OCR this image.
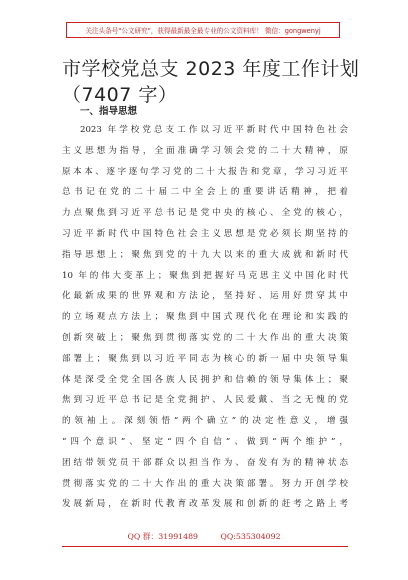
关注头条号"公文研究"，获得最新最全最专业的公文资料库！ 微信：gongwenyj
市学校党总支 2023 年度工作计划
（7407 字）
一、指导思想
2023 年学校党总支工作以习近平新时代中国特色社会
主义思想为指导，全面准确学习领会党的二十大精神，原
原本本、逐字逐句学习党的二十大报告和党章，学习习近平
总书记在党的二十届二中全会上的重要讲话精神，把着
力点聚焦到习近平总书记是党中央的核心、全党的核心，
习近平新时代中国特色社会主义思想是党必须长期坚持的
指导思想上；聚焦到党的十九大以来的重大成就和新时代
10 年的伟大变革上；聚焦到把握好马克思主义中国化时代
化最新成果的世界观和方法论，坚持好、运用好贯穿其中
的立场观点方法上；聚焦到中国式现代化在理论和实践的
创新突破上；聚焦到贯彻落实党的二十大作出的重大决策
部署上；聚焦到以习近平同志为核心的新一届中央领导集
体是深受全党全国各族人民拥护和信赖的领导集体上；聚
焦到习近平总书记是全党拥护、人民爱戴、当之无愧的党
的领袖上。深刻领悟“两个确立”的决定性意义，增强
“四个意识”、坚定“四个自信”、做到“两个维护”，
团结带领党员干部群众以担当作为、奋发有为的精神状态
贯彻落实党的二十大作出的重大决策部署。努力开创学校
发展新局，在新时代教育改革发展和创新的赶考之路上考
QQ 群：31991489	QQ:535304092
